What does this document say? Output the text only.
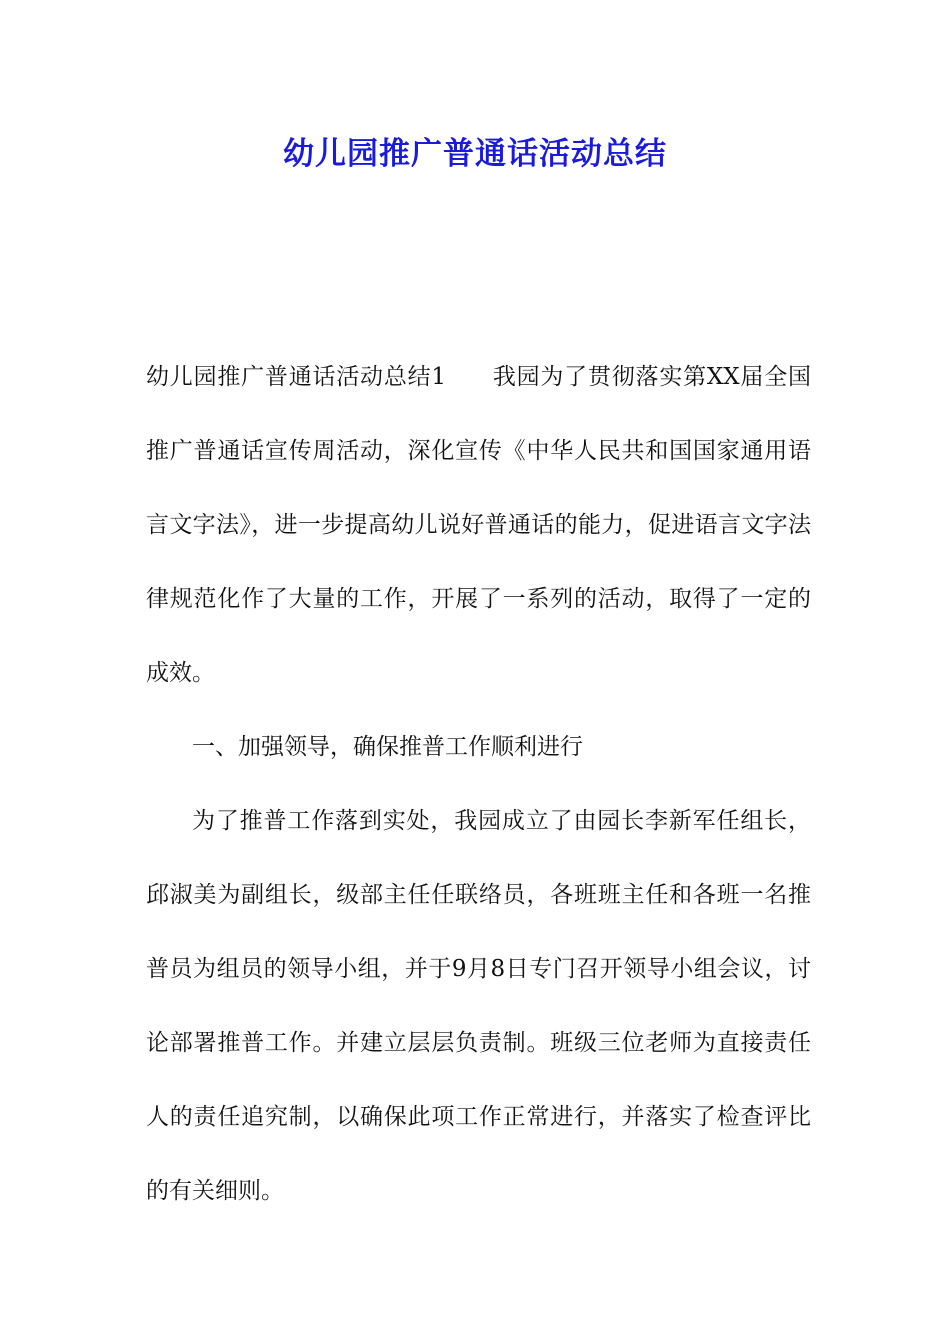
幼儿园推广普通话活动总结

幼儿园推广普通话活动总结1 我园为了贯彻落实第XX届全国推广普通话宣传周活动，深化宣传《中华人民共和国国家通用语言文字法》，进一步提高幼儿说好普通话的能力，促进语言文字法律规范化作了大量的工作，开展了一系列的活动，取得了一定的成效。

一、加强领导，确保推普工作顺利进行

为了推普工作落到实处，我园成立了由园长李新军任组长，邱淑美为副组长，级部主任任联络员，各班班主任和各班一名推普员为组员的领导小组，并于9月8日专门召开领导小组会议，讨论部署推普工作。并建立层层负责制。班级三位老师为直接责任人的责任追究制，以确保此项工作正常进行，并落实了检查评比的有关细则。
